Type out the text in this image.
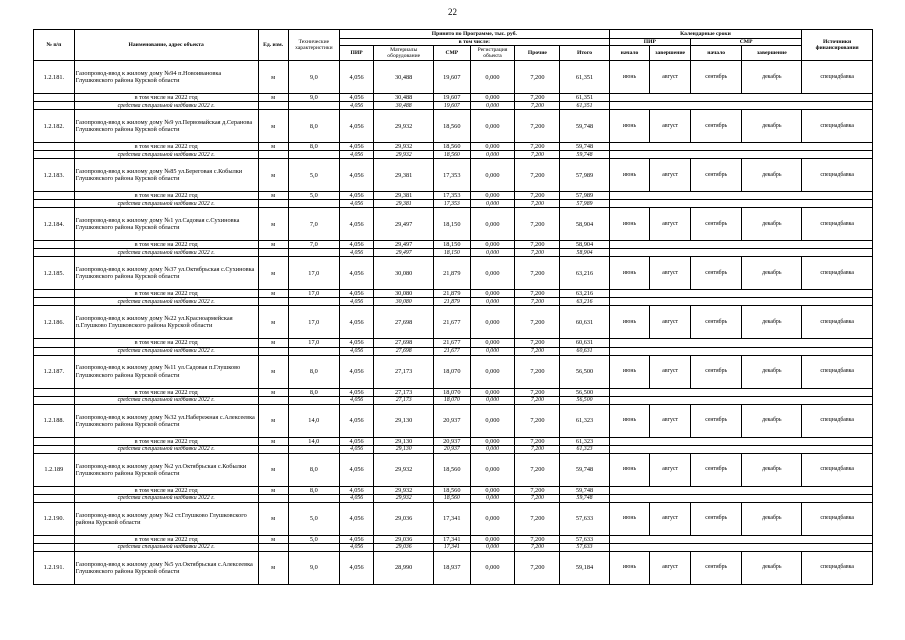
22
№ п/п	Наименование, адрес объекта	Ед. изм.	Технические характеристики	Принято по Программе, тыс. руб.						Календарные сроки				Источники финансирования
				в том числе:						ПИР		СМР		
				ПИР	Материалы оборудование	СМР	Регистрация объекта	Прочие	Итого	начало	завершение	начало	завершение	
1.2.181.	Газопровод-ввод к жилому дому №94 п.Новоивановка Глушковского района Курской области	м	9,0	4,056	30,488	19,607	0,000	7,200	61,351	июнь	август	сентябрь	декабрь	спецнадбавка
	в том числе на 2022 год	м	9,0	4,056	30,488	19,607	0,000	7,200	61,351					
	средства специальной надбавки 2022 г.			4,056	30,488	19,607	0,000	7,200	61,351					
1.2.182.	Газопровод-ввод к жилому дому №9 ул.Первомайская д.Серанова Глушковского района Курской области	м	8,0	4,056	29,932	18,560	0,000	7,200	59,748	июнь	август	сентябрь	декабрь	спецнадбавка
	в том числе на 2022 год	м	8,0	4,056	29,932	18,560	0,000	7,200	59,748					
	средства специальной надбавки 2022 г.			4,056	29,932	18,560	0,000	7,200	59,748					
1.2.183.	Газопровод-ввод к жилому дому №85 ул.Береговая с.Кобылки Глушковского района Курской области	м	5,0	4,056	29,381	17,353	0,000	7,200	57,989	июнь	август	сентябрь	декабрь	спецнадбавка
	в том числе на 2022 год	м	5,0	4,056	29,381	17,353	0,000	7,200	57,989					
	средства специальной надбавки 2022 г.			4,056	29,381	17,353	0,000	7,200	57,989					
1.2.184.	Газопровод-ввод к жилому дому №1 ул.Садовая с.Сухиновка Глушковского района Курской области	м	7,0	4,056	29,497	18,150	0,000	7,200	58,904	июнь	август	сентябрь	декабрь	спецнадбавка
	в том числе на 2022 год	м	7,0	4,056	29,497	18,150	0,000	7,200	58,904					
	средства специальной надбавки 2022 г.			4,056	29,497	18,150	0,000	7,200	58,904					
1.2.185.	Газопровод-ввод к жилому дому №37 ул.Октябрьская с.Сухиновка Глушковского района Курской области	м	17,0	4,056	30,080	21,879	0,000	7,200	63,216	июнь	август	сентябрь	декабрь	спецнадбавка
	в том числе на 2022 год	м	17,0	4,056	30,080	21,879	0,000	7,200	63,216					
	средства специальной надбавки 2022 г.			4,056	30,080	21,879	0,000	7,200	63,216					
1.2.186.	Газопровод-ввод к жилому дому №22 ул.Красноармейская п.Глушково Глушковского района Курской области	м	17,0	4,056	27,698	21,677	0,000	7,200	60,631	июнь	август	сентябрь	декабрь	спецнадбавка
	в том числе на 2022 год	м	17,0	4,056	27,698	21,677	0,000	7,200	60,631					
	средства специальной надбавки 2022 г.			4,056	27,698	21,677	0,000	7,200	60,631					
1.2.187.	Газопровод-ввод к жилому дому №11 ул.Садовая п.Глушково Глушковского района Курской области	м	8,0	4,056	27,173	18,070	0,000	7,200	56,500	июнь	август	сентябрь	декабрь	спецнадбавка
	в том числе на 2022 год	м	8,0	4,056	27,173	18,070	0,000	7,200	56,500					
	средства специальной надбавки 2022 г.			4,056	27,173	18,070	0,000	7,200	56,500					
1.2.188.	Газопровод-ввод к жилому дому №32 ул.Набережная с.Алексеевка Глушковского района Курской области	м	14,0	4,056	29,130	20,937	0,000	7,200	61,323	июнь	август	сентябрь	декабрь	спецнадбавка
	в том числе на 2022 год	м	14,0	4,056	29,130	20,937	0,000	7,200	61,323					
	средства специальной надбавки 2022 г.			4,056	29,130	20,937	0,000	7,200	61,323					
1.2.189	Газопровод-ввод к жилому дому №2 ул.Октябрьская с.Кобылки Глушковского района Курской области	м	8,0	4,056	29,932	18,560	0,000	7,200	59,748	июнь	август	сентябрь	декабрь	спецнадбавка
	в том числе на 2022 год	м	8,0	4,056	29,932	18,560	0,000	7,200	59,748					
	средства специальной надбавки 2022 г.			4,056	29,932	18,560	0,000	7,200	59,748					
1.2.190.	Газопровод-ввод к жилому дому №2 ст.Глушково Глушковского района Курской области	м	5,0	4,056	29,036	17,341	0,000	7,200	57,633	июнь	август	сентябрь	декабрь	спецнадбавка
	в том числе на 2022 год	м	5,0	4,056	29,036	17,341	0,000	7,200	57,633					
	средства специальной надбавки 2022 г.			4,056	29,036	17,341	0,000	7,200	57,633					
1.2.191.	Газопровод-ввод к жилому дому №5 ул.Октябрьская с.Алексеевка Глушковского района Курской области	м	9,0	4,056	28,990	18,937	0,000	7,200	59,184	июнь	август	сентябрь	декабрь	спецнадбавка
